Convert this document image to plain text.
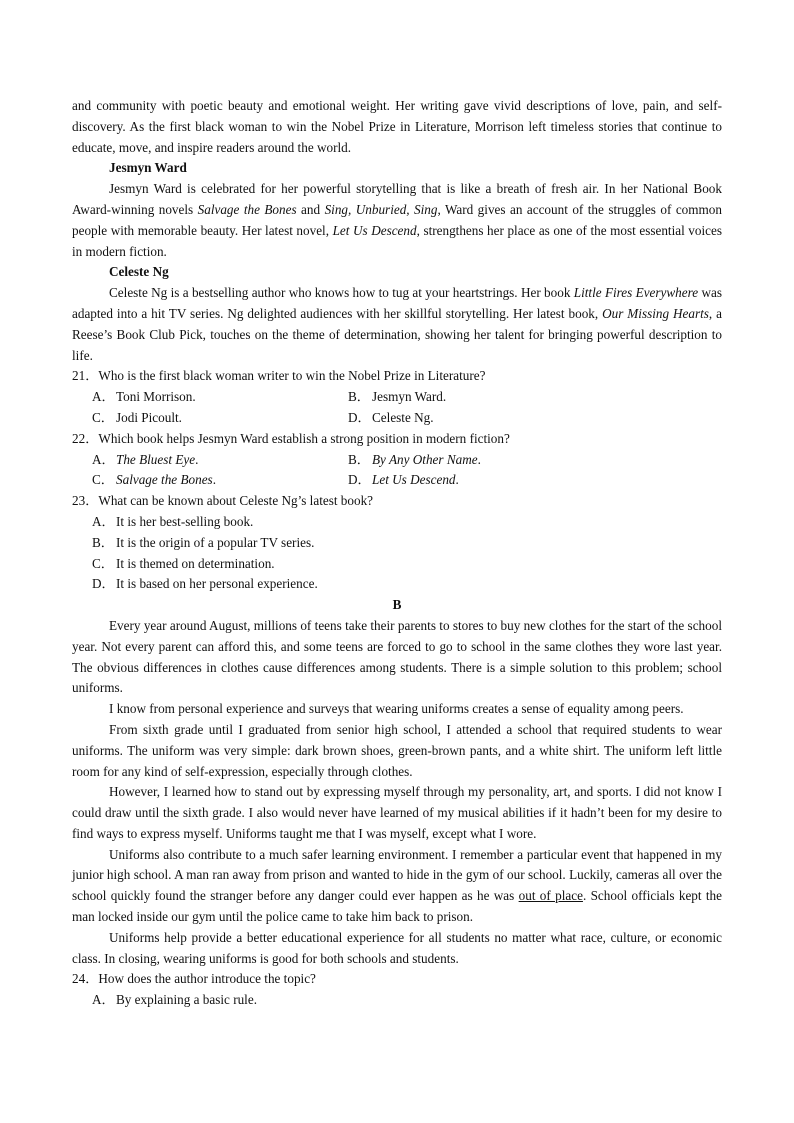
and community with poetic beauty and emotional weight. Her writing gave vivid descriptions of love, pain, and self-discovery. As the first black woman to win the Nobel Prize in Literature, Morrison left timeless stories that continue to educate, move, and inspire readers around the world.

Jesmyn Ward

Jesmyn Ward is celebrated for her powerful storytelling that is like a breath of fresh air. In her National Book Award-winning novels Salvage the Bones and Sing, Unburied, Sing, Ward gives an account of the struggles of common people with memorable beauty. Her latest novel, Let Us Descend, strengthens her place as one of the most essential voices in modern fiction.

Celeste Ng

Celeste Ng is a bestselling author who knows how to tug at your heartstrings. Her book Little Fires Everywhere was adapted into a hit TV series. Ng delighted audiences with her skillful storytelling. Her latest book, Our Missing Hearts, a Reese’s Book Club Pick, touches on the theme of determination, showing her talent for bringing powerful description to life.

21．Who is the first black woman writer to win the Nobel Prize in Literature?
A．Toni Morrison.	B． Jesmyn Ward.
C． Jodi Picoult.	D．Celeste Ng.
22．Which book helps Jesmyn Ward establish a strong position in modern fiction?
A．The Bluest Eye.	B． By Any Other Name.
C． Salvage the Bones.	D．Let Us Descend.
23．What can be known about Celeste Ng’s latest book?
A．It is her best-selling book.
B． It is the origin of a popular TV series.
C． It is themed on determination.
D．It is based on her personal experience.
B

Every year around August, millions of teens take their parents to stores to buy new clothes for the start of the school year. Not every parent can afford this, and some teens are forced to go to school in the same clothes they wore last year. The obvious differences in clothes cause differences among students. There is a simple solution to this problem; school uniforms.

I know from personal experience and surveys that wearing uniforms creates a sense of equality among peers.

From sixth grade until I graduated from senior high school, I attended a school that required students to wear uniforms. The uniform was very simple: dark brown shoes, green-brown pants, and a white shirt. The uniform left little room for any kind of self-expression, especially through clothes.

However, I learned how to stand out by expressing myself through my personality, art, and sports. I did not know I could draw until the sixth grade. I also would never have learned of my musical abilities if it hadn’t been for my desire to find ways to express myself. Uniforms taught me that I was myself, except what I wore.

Uniforms also contribute to a much safer learning environment. I remember a particular event that happened in my junior high school. A man ran away from prison and wanted to hide in the gym of our school. Luckily, cameras all over the school quickly found the stranger before any danger could ever happen as he was out of place. School officials kept the man locked inside our gym until the police came to take him back to prison.

Uniforms help provide a better educational experience for all students no matter what race, culture, or economic class. In closing, wearing uniforms is good for both schools and students.

24．How does the author introduce the topic?
A．By explaining a basic rule.
